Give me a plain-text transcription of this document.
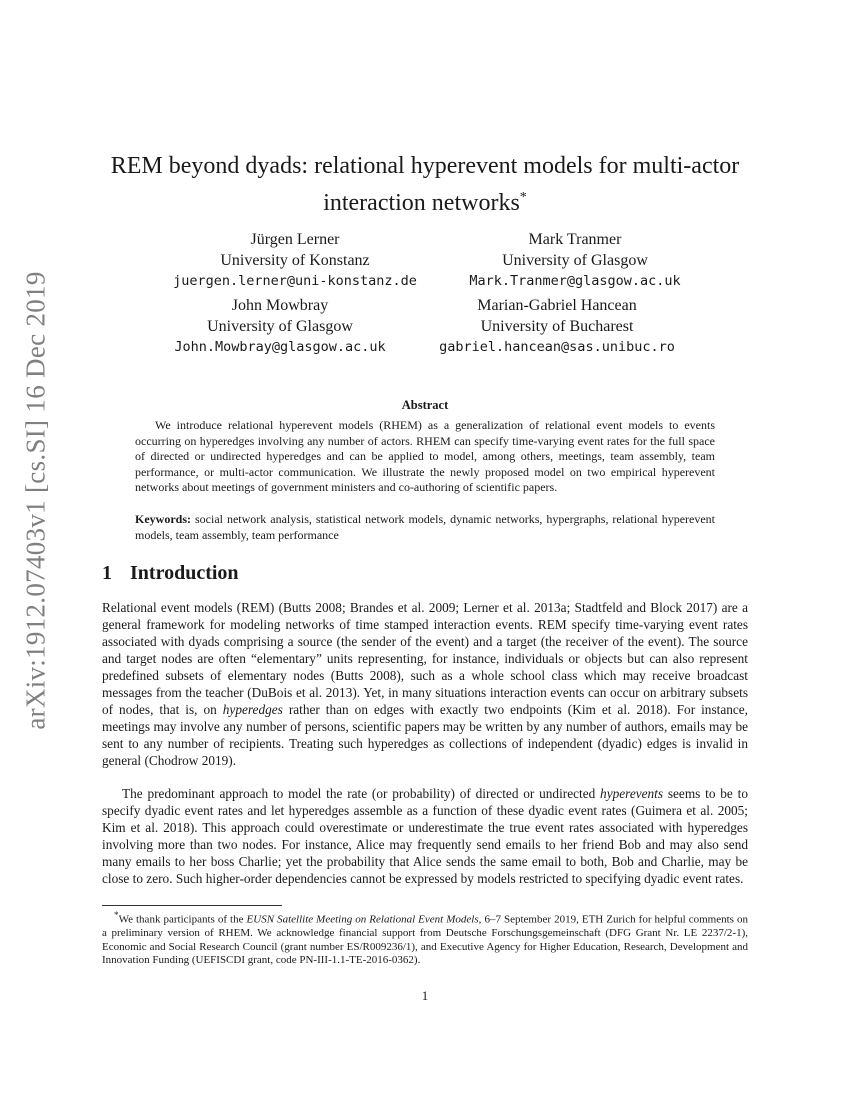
arXiv:1912.07403v1 [cs.SI] 16 Dec 2019
REM beyond dyads: relational hyperevent models for multi-actor
interaction networks*
Jürgen Lerner
University of Konstanz
juergen.lerner@uni-konstanz.de
Mark Tranmer
University of Glasgow
Mark.Tranmer@glasgow.ac.uk
John Mowbray
University of Glasgow
John.Mowbray@glasgow.ac.uk
Marian-Gabriel Hancean
University of Bucharest
gabriel.hancean@sas.unibuc.ro
Abstract
We introduce relational hyperevent models (RHEM) as a generalization of relational event models to events occurring on hyperedges involving any number of actors. RHEM can specify time-varying event rates for the full space of directed or undirected hyperedges and can be applied to model, among others, meetings, team assembly, team performance, or multi-actor communication. We illustrate the newly proposed model on two empirical hyperevent networks about meetings of government ministers and co-authoring of scientific papers.
Keywords: social network analysis, statistical network models, dynamic networks, hypergraphs, relational hyperevent models, team assembly, team performance
1 Introduction
Relational event models (REM) (Butts 2008; Brandes et al. 2009; Lerner et al. 2013a; Stadtfeld and Block 2017) are a general framework for modeling networks of time stamped interaction events. REM specify time-varying event rates associated with dyads comprising a source (the sender of the event) and a target (the receiver of the event). The source and target nodes are often “elementary” units representing, for instance, individuals or objects but can also represent predefined subsets of elementary nodes (Butts 2008), such as a whole school class which may receive broadcast messages from the teacher (DuBois et al. 2013). Yet, in many situations interaction events can occur on arbitrary subsets of nodes, that is, on hyperedges rather than on edges with exactly two endpoints (Kim et al. 2018). For instance, meetings may involve any number of persons, scientific papers may be written by any number of authors, emails may be sent to any number of recipients. Treating such hyperedges as collections of independent (dyadic) edges is invalid in general (Chodrow 2019).
The predominant approach to model the rate (or probability) of directed or undirected hyperevents seems to be to specify dyadic event rates and let hyperedges assemble as a function of these dyadic event rates (Guimera et al. 2005; Kim et al. 2018). This approach could overestimate or underestimate the true event rates associated with hyperedges involving more than two nodes. For instance, Alice may frequently send emails to her friend Bob and may also send many emails to her boss Charlie; yet the probability that Alice sends the same email to both, Bob and Charlie, may be close to zero. Such higher-order dependencies cannot be expressed by models restricted to specifying dyadic event rates.
*We thank participants of the EUSN Satellite Meeting on Relational Event Models, 6–7 September 2019, ETH Zurich for helpful comments on a preliminary version of RHEM. We acknowledge financial support from Deutsche Forschungsgemeinschaft (DFG Grant Nr. LE 2237/2-1), Economic and Social Research Council (grant number ES/R009236/1), and Executive Agency for Higher Education, Research, Development and Innovation Funding (UEFISCDI grant, code PN-III-1.1-TE-2016-0362).
1
